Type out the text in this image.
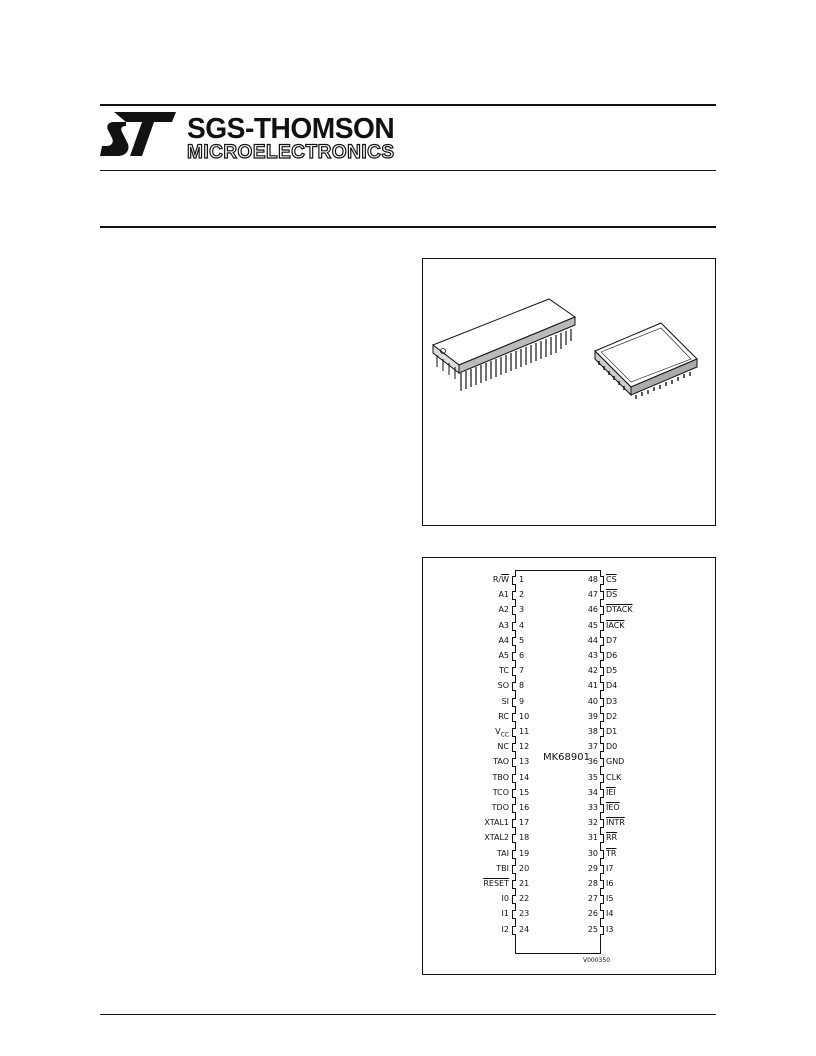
SGS-THOMSON
MICROELECTRONICS
MK68901
$R/\overline{W}$ 1
A1 2
A2 3
A3 4
A4 5
A5 6
TC 7
SO 8
SI 9
RC 10
$V_{CC}$ 11
NC 12
TAO 13
TBO 14
TCO 15
TDO 16
XTAL1 17
XTAL2 18
TAI 19
TBI 20
RESET 21
I0 22
I1 23
I2 24
48 $\overline{CS}$
47 $\overline{DS}$
46 DTACK
45 IACK
44 D7
43 D6
42 D5
41 D4
40 D3
39 D2
38 D1
37 D0
36 GND
35 CLK
34 $\overline{IEI}$
33 $\overline{IEO}$
32 INTR
31 $\overline{RR}$
30 $\overline{TR}$
29 I7
28 I6
27 I5
26 I4
25 I3
V000350
